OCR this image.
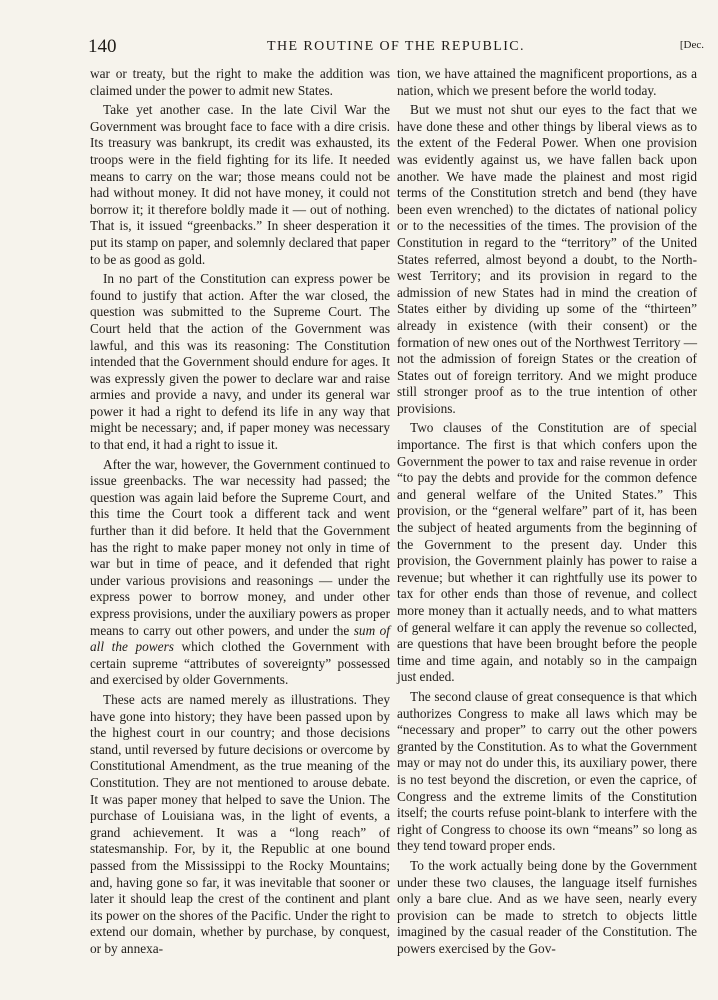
140	THE ROUTINE OF THE REPUBLIC.	[Dec.

war or treaty, but the right to make the addition was claimed under the power to admit new States.

Take yet another case. In the late Civil War the Government was brought face to face with a dire crisis. Its treasury was bankrupt, its credit was exhausted, its troops were in the field fighting for its life. It needed means to carry on the war; those means could not be had without money. It did not have money, it could not borrow it; it therefore boldly made it — out of nothing. That is, it issued “greenbacks.” In sheer desperation it put its stamp on paper, and solemnly declared that paper to be as good as gold.

In no part of the Constitution can express power be found to justify that action. After the war closed, the question was submitted to the Supreme Court. The Court held that the action of the Government was lawful, and this was its reasoning: The Constitution intended that the Government should endure for ages. It was expressly given the power to declare war and raise armies and provide a navy, and under its general war power it had a right to defend its life in any way that might be necessary; and, if paper money was necessary to that end, it had a right to issue it.

After the war, however, the Government continued to issue greenbacks. The war necessity had passed; the question was again laid before the Supreme Court, and this time the Court took a different tack and went further than it did before. It held that the Government has the right to make paper money not only in time of war but in time of peace, and it defended that right under various provisions and reasonings — under the express power to borrow money, and under other express provisions, under the auxiliary powers as proper means to carry out other powers, and under the sum of all the powers which clothed the Government with certain supreme “attributes of sovereignty” possessed and exercised by older Governments.

These acts are named merely as illustrations. They have gone into history; they have been passed upon by the highest court in our country; and those decisions stand, until reversed by future decisions or overcome by Constitutional Amendment, as the true meaning of the Constitution. They are not mentioned to arouse debate. It was paper money that helped to save the Union. The purchase of Louisiana was, in the light of events, a grand achievement. It was a “long reach” of statesmanship. For, by it, the Republic at one bound passed from the Mississippi to the Rocky Mountains; and, having gone so far, it was inevitable that sooner or later it should leap the crest of the continent and plant its power on the shores of the Pacific. Under the right to extend our domain, whether by purchase, by conquest, or by annexa-

tion, we have attained the magnificent proportions, as a nation, which we present before the world today.

But we must not shut our eyes to the fact that we have done these and other things by liberal views as to the extent of the Federal Power. When one provision was evidently against us, we have fallen back upon another. We have made the plainest and most rigid terms of the Constitution stretch and bend (they have been even wrenched) to the dictates of national policy or to the necessities of the times. The provision of the Constitution in regard to the “territory” of the United States referred, almost beyond a doubt, to the North-west Territory; and its provision in regard to the admission of new States had in mind the creation of States either by dividing up some of the “thirteen” already in existence (with their consent) or the formation of new ones out of the Northwest Territory — not the admission of foreign States or the creation of States out of foreign territory. And we might produce still stronger proof as to the true intention of other provisions.

Two clauses of the Constitution are of special importance. The first is that which confers upon the Government the power to tax and raise revenue in order “to pay the debts and provide for the common defence and general welfare of the United States.” This provision, or the “general welfare” part of it, has been the subject of heated arguments from the beginning of the Government to the present day. Under this provision, the Government plainly has power to raise a revenue; but whether it can rightfully use its power to tax for other ends than those of revenue, and collect more money than it actually needs, and to what matters of general welfare it can apply the revenue so collected, are questions that have been brought before the people time and time again, and notably so in the campaign just ended.

The second clause of great consequence is that which authorizes Congress to make all laws which may be “necessary and proper” to carry out the other powers granted by the Constitution. As to what the Government may or may not do under this, its auxiliary power, there is no test beyond the discretion, or even the caprice, of Congress and the extreme limits of the Constitution itself; the courts refuse point-blank to interfere with the right of Congress to choose its own “means” so long as they tend toward proper ends.

To the work actually being done by the Government under these two clauses, the language itself furnishes only a bare clue. And as we have seen, nearly every provision can be made to stretch to objects little imagined by the casual reader of the Constitution. The powers exercised by the Gov-
